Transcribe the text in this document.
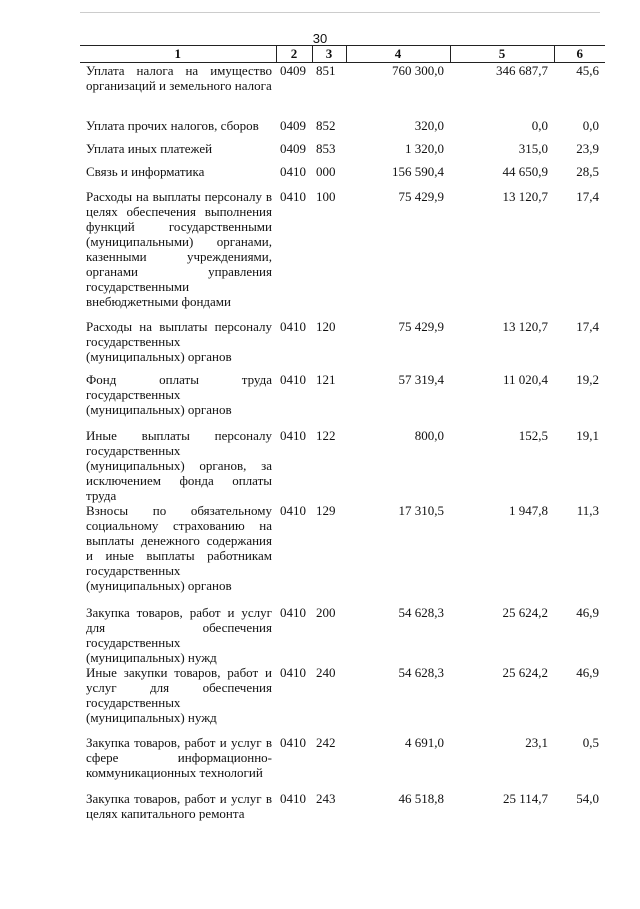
30
1	2	3	4	5	6
Уплата налога на имущество организаций и земельного налога	0409	851	760 300,0	346 687,7	45,6
Уплата прочих налогов, сборов	0409	852	320,0	0,0	0,0
Уплата иных платежей	0409	853	1 320,0	315,0	23,9
Связь и информатика	0410	000	156 590,4	44 650,9	28,5
Расходы на выплаты персоналу в целях обеспечения выполнения функций государственными (муниципальными) органами, казенными учреждениями, органами управления государственными внебюджетными фондами	0410	100	75 429,9	13 120,7	17,4
Расходы на выплаты персоналу государственных (муниципальных) органов	0410	120	75 429,9	13 120,7	17,4
Фонд оплаты труда государственных (муниципальных) органов	0410	121	57 319,4	11 020,4	19,2
Иные выплаты персоналу государственных (муниципальных) органов, за исключением фонда оплаты труда	0410	122	800,0	152,5	19,1
Взносы по обязательному социальному страхованию на выплаты денежного содержания и иные выплаты работникам государственных (муниципальных) органов	0410	129	17 310,5	1 947,8	11,3
Закупка товаров, работ и услуг для обеспечения государственных (муниципальных) нужд	0410	200	54 628,3	25 624,2	46,9
Иные закупки товаров, работ и услуг для обеспечения государственных (муниципальных) нужд	0410	240	54 628,3	25 624,2	46,9
Закупка товаров, работ и услуг в сфере информационно-коммуникационных технологий	0410	242	4 691,0	23,1	0,5
Закупка товаров, работ и услуг в целях капитального ремонта	0410	243	46 518,8	25 114,7	54,0
